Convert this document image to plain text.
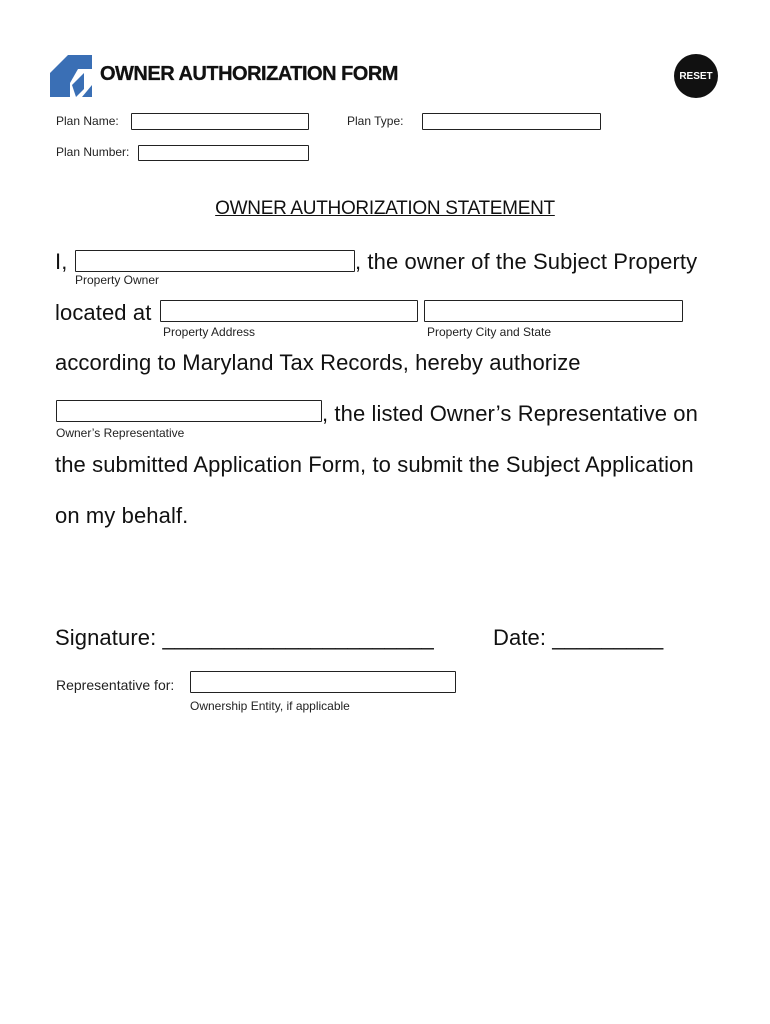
OWNER AUTHORIZATION FORM	RESET
Plan Name:	Plan Type:
Plan Number:
OWNER AUTHORIZATION STATEMENT
I,	, the owner of the Subject Property
Property Owner
located at
Property Address	Property City and State
according to Maryland Tax Records, hereby authorize
, the listed Owner’s Representative on
Owner’s Representative
the submitted Application Form, to submit the Subject Application
on my behalf.
Signature: ______________________	Date: _________
Representative for:
Ownership Entity, if applicable
